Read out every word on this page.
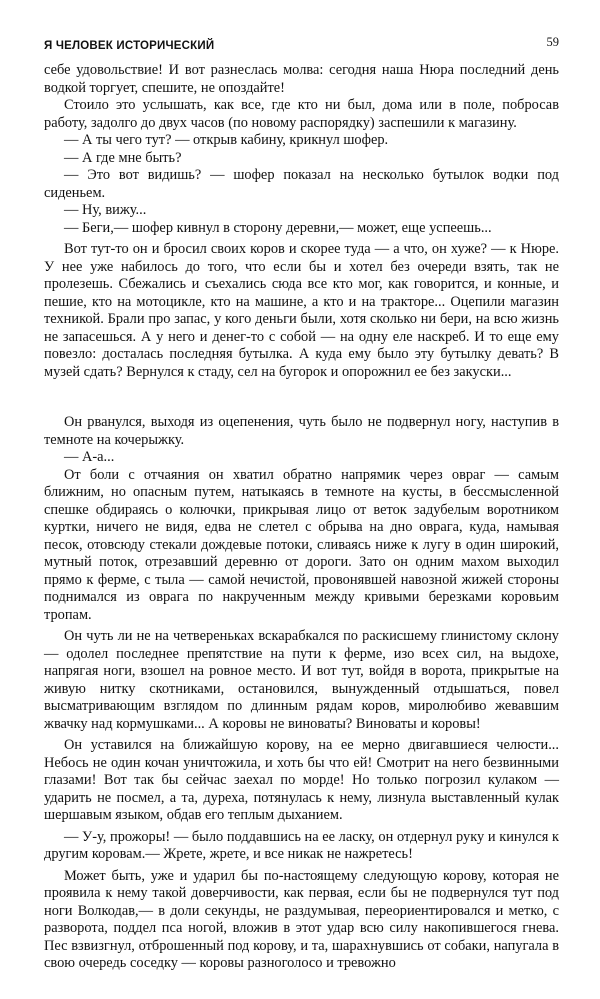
Я ЧЕЛОВЕК ИСТОРИЧЕСКИЙ	59

себе удовольствие! И вот разнеслась молва: сегодня наша Нюра последний день водкой торгует, спешите, не опоздайте!

Стоило это услышать, как все, где кто ни был, дома или в поле, побросав работу, задолго до двух часов (по новому распорядку) заспешили к магазину.

— А ты чего тут? — открыв кабину, крикнул шофер.

— А где мне быть?

— Это вот видишь? — шофер показал на несколько бутылок водки под сиденьем.

— Ну, вижу...

— Беги,— шофер кивнул в сторону деревни,— может, еще успеешь...

Вот тут-то он и бросил своих коров и скорее туда — а что, он хуже? — к Нюре. У нее уже набилось до того, что если бы и хотел без очереди взять, так не пролезешь. Сбежались и съехались сюда все кто мог, как говорится, и конные, и пешие, кто на мотоцикле, кто на машине, а кто и на тракторе... Оцепили магазин техникой. Брали про запас, у кого деньги были, хотя сколько ни бери, на всю жизнь не запасешься. А у него и денег-то с собой — на одну еле наскреб. И то еще ему повезло: досталась последняя бутылка. А куда ему было эту бутылку девать? В музей сдать? Вернулся к стаду, сел на бугорок и опорожнил ее без закуски...

Он рванулся, выходя из оцепенения, чуть было не подвернул ногу, наступив в темноте на кочерыжку.

— А-а...

От боли с отчаяния он хватил обратно напрямик через овраг — самым ближним, но опасным путем, натыкаясь в темноте на кусты, в бессмысленной спешке обдираясь о колючки, прикрывая лицо от веток задубелым воротником куртки, ничего не видя, едва не слетел с обрыва на дно оврага, куда, намывая песок, отовсюду стекали дождевые потоки, сливаясь ниже к лугу в один широкий, мутный поток, отрезавший деревню от дороги. Зато он одним махом выходил прямо к ферме, с тыла — самой нечистой, провонявшей навозной жижей стороны поднимался из оврага по накрученным между кривыми березками коровьим тропам.

Он чуть ли не на четвереньках вскарабкался по раскисшему глинистому склону — одолел последнее препятствие на пути к ферме, изо всех сил, на выдохе, напрягая ноги, взошел на ровное место. И вот тут, войдя в ворота, прикрытые на живую нитку скотниками, остановился, вынужденный отдышаться, повел высматривающим взглядом по длинным рядам коров, миролюбиво жевавшим жвачку над кормушками... А коровы не виноваты? Виноваты и коровы!

Он уставился на ближайшую корову, на ее мерно двигавшиеся челюсти... Небось не один кочан уничтожила, и хоть бы что ей! Смотрит на него безвинными глазами! Вот так бы сейчас заехал по морде! Но только погрозил кулаком — ударить не посмел, а та, дуреха, потянулась к нему, лизнула выставленный кулак шершавым языком, обдав его теплым дыханием.

— У-у, прожоры! — было поддавшись на ее ласку, он отдернул руку и кинулся к другим коровам.— Жрете, жрете, и все никак не нажретесь!

Может быть, уже и ударил бы по-настоящему следующую корову, которая не проявила к нему такой доверчивости, как первая, если бы не подвернулся тут под ноги Волкодав,— в доли секунды, не раздумывая, переориентировался и метко, с разворота, поддел пса ногой, вложив в этот удар всю силу накопившегося гнева. Пес взвизгнул, отброшенный под корову, и та, шарахнувшись от собаки, напугала в свою очередь соседку — коровы разноголосо и тревожно
